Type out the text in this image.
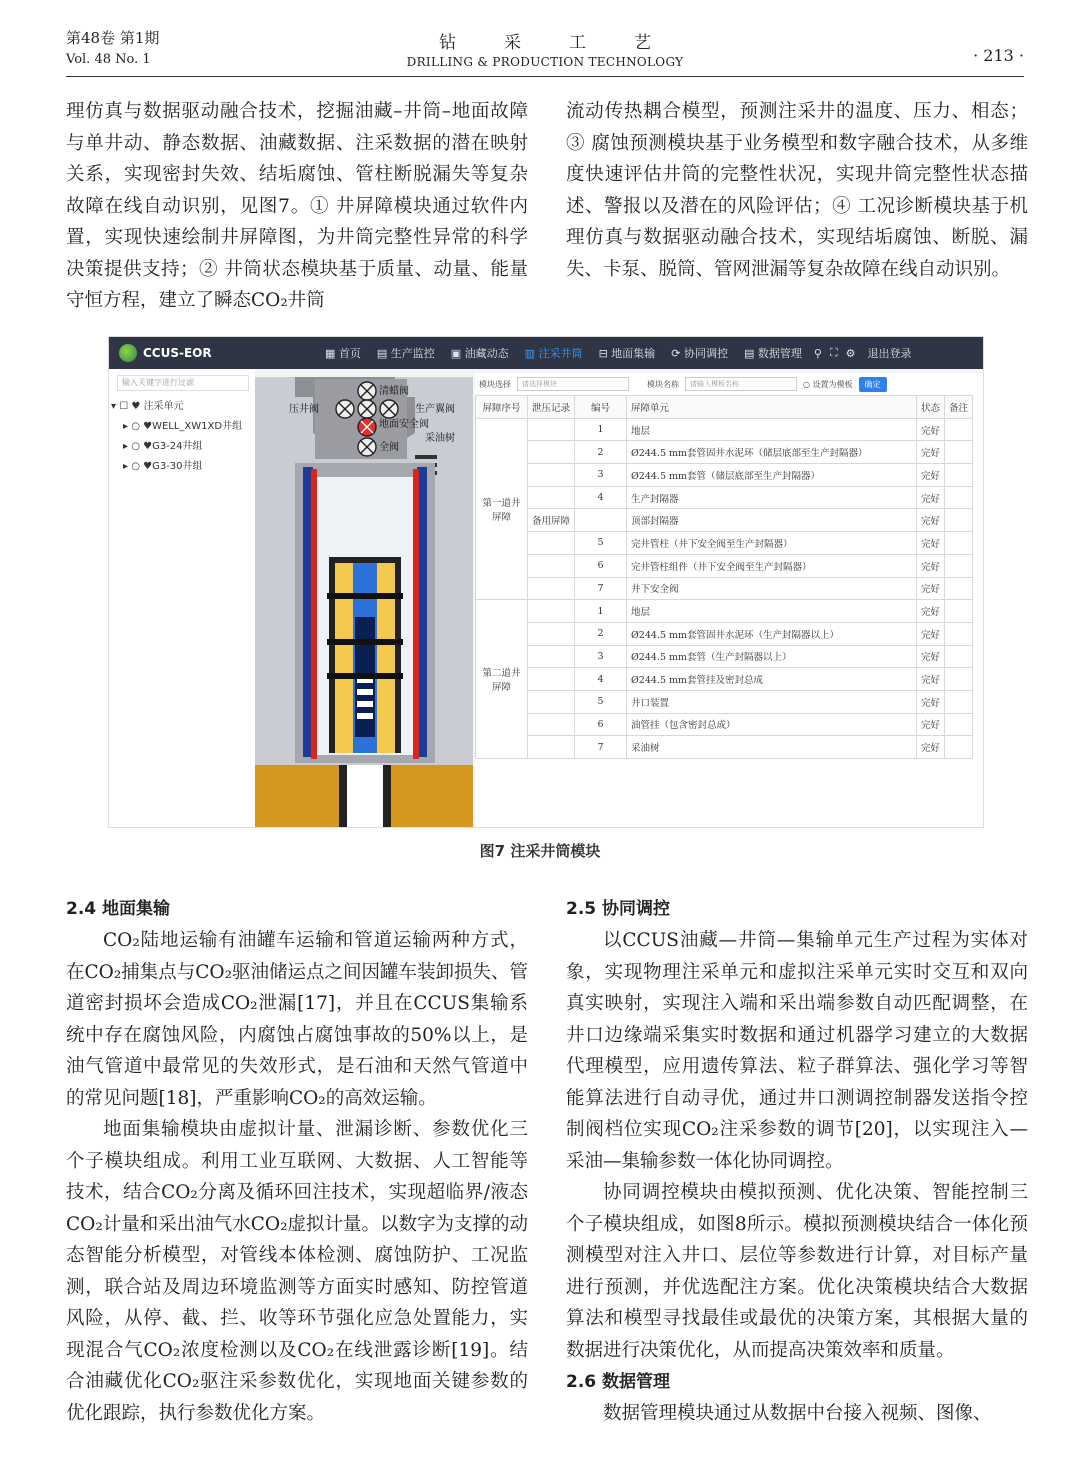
第48卷 第1期
Vol. 48 No. 1
钻采工艺
DRILLING & PRODUCTION TECHNOLOGY	· 213 ·

理仿真与数据驱动融合技术，挖掘油藏–井筒–地面故障与单井动、静态数据、油藏数据、注采数据的潜在映射关系，实现密封失效、结垢腐蚀、管柱断脱漏失等复杂故障在线自动识别，见图7。① 井屏障模块通过软件内置，实现快速绘制井屏障图，为井筒完整性异常的科学决策提供支持；② 井筒状态模块基于质量、动量、能量守恒方程，建立了瞬态CO₂井筒

流动传热耦合模型，预测注采井的温度、压力、相态；③ 腐蚀预测模块基于业务模型和数字融合技术，从多维度快速评估井筒的完整性状况，实现井筒完整性状态描述、警报以及潜在的风险评估；④ 工况诊断模块基于机理仿真与数据驱动融合技术，实现结垢腐蚀、断脱、漏失、卡泵、脱筒、管网泄漏等复杂故障在线自动识别。

CCUS-EOR	▦ 首页	▤ 生产监控	▣ 油藏动态	▥ 注采井筒	⊟ 地面集输	⟳ 协同调控	▤ 数据管理	⚲ ⛶ ⚙	退出登录
输入关键字进行过滤
▾ ☐ ♥ 注采单元
▸ ○ ♥WELL_XW1XD井组
▸ ○ ♥G3-24井组
▸ ○ ♥G3-30井组
清蜡阀
压井阀	生产翼阀
地面安全阀
采油树
全阀
模块选择	请选择模块	模块名称	请输入模板名称	○ 设置为模板	确定
屏障序号	泄压记录	编号	屏障单元	状态	备注
第一道井屏障		1	地层	完好	
		2	Ø244.5 mm套管固井水泥环（储层底部至生产封隔器）	完好	
		3	Ø244.5 mm套管（储层底部至生产封隔器）	完好	
		4	生产封隔器	完好	
	备用屏障		顶部封隔器	完好	
		5	完井管柱（井下安全阀至生产封隔器）	完好	
		6	完井管柱组件（井下安全阀至生产封隔器）	完好	
		7	井下安全阀	完好	
第二道井屏障		1	地层	完好	
		2	Ø244.5 mm套管固井水泥环（生产封隔器以上）	完好	
		3	Ø244.5 mm套管（生产封隔器以上）	完好	
		4	Ø244.5 mm套管挂及密封总成	完好	
		5	井口装置	完好	
		6	油管挂（包含密封总成）	完好	
		7	采油树	完好	
图7 注采井筒模块
2.4 地面集输

CO₂陆地运输有油罐车运输和管道运输两种方式，在CO₂捕集点与CO₂驱油储运点之间因罐车装卸损失、管道密封损坏会造成CO₂泄漏[17]，并且在CCUS集输系统中存在腐蚀风险，内腐蚀占腐蚀事故的50%以上，是油气管道中最常见的失效形式，是石油和天然气管道中的常见问题[18]，严重影响CO₂的高效运输。

地面集输模块由虚拟计量、泄漏诊断、参数优化三个子模块组成。利用工业互联网、大数据、人工智能等技术，结合CO₂分离及循环回注技术，实现超临界/液态CO₂计量和采出油气水CO₂虚拟计量。以数字为支撑的动态智能分析模型，对管线本体检测、腐蚀防护、工况监测，联合站及周边环境监测等方面实时感知、防控管道风险，从停、截、拦、收等环节强化应急处置能力，实现混合气CO₂浓度检测以及CO₂在线泄露诊断[19]。结合油藏优化CO₂驱注采参数优化，实现地面关键参数的优化跟踪，执行参数优化方案。

2.5 协同调控

以CCUS油藏—井筒—集输单元生产过程为实体对象，实现物理注采单元和虚拟注采单元实时交互和双向真实映射，实现注入端和采出端参数自动匹配调整，在井口边缘端采集实时数据和通过机器学习建立的大数据代理模型，应用遗传算法、粒子群算法、强化学习等智能算法进行自动寻优，通过井口测调控制器发送指令控制阀档位实现CO₂注采参数的调节[20]，以实现注入—采油—集输参数一体化协同调控。

协同调控模块由模拟预测、优化决策、智能控制三个子模块组成，如图8所示。模拟预测模块结合一体化预测模型对注入井口、层位等参数进行计算，对目标产量进行预测，并优选配注方案。优化决策模块结合大数据算法和模型寻找最佳或最优的决策方案，其根据大量的数据进行决策优化，从而提高决策效率和质量。

2.6 数据管理

数据管理模块通过从数据中台接入视频、图像、
